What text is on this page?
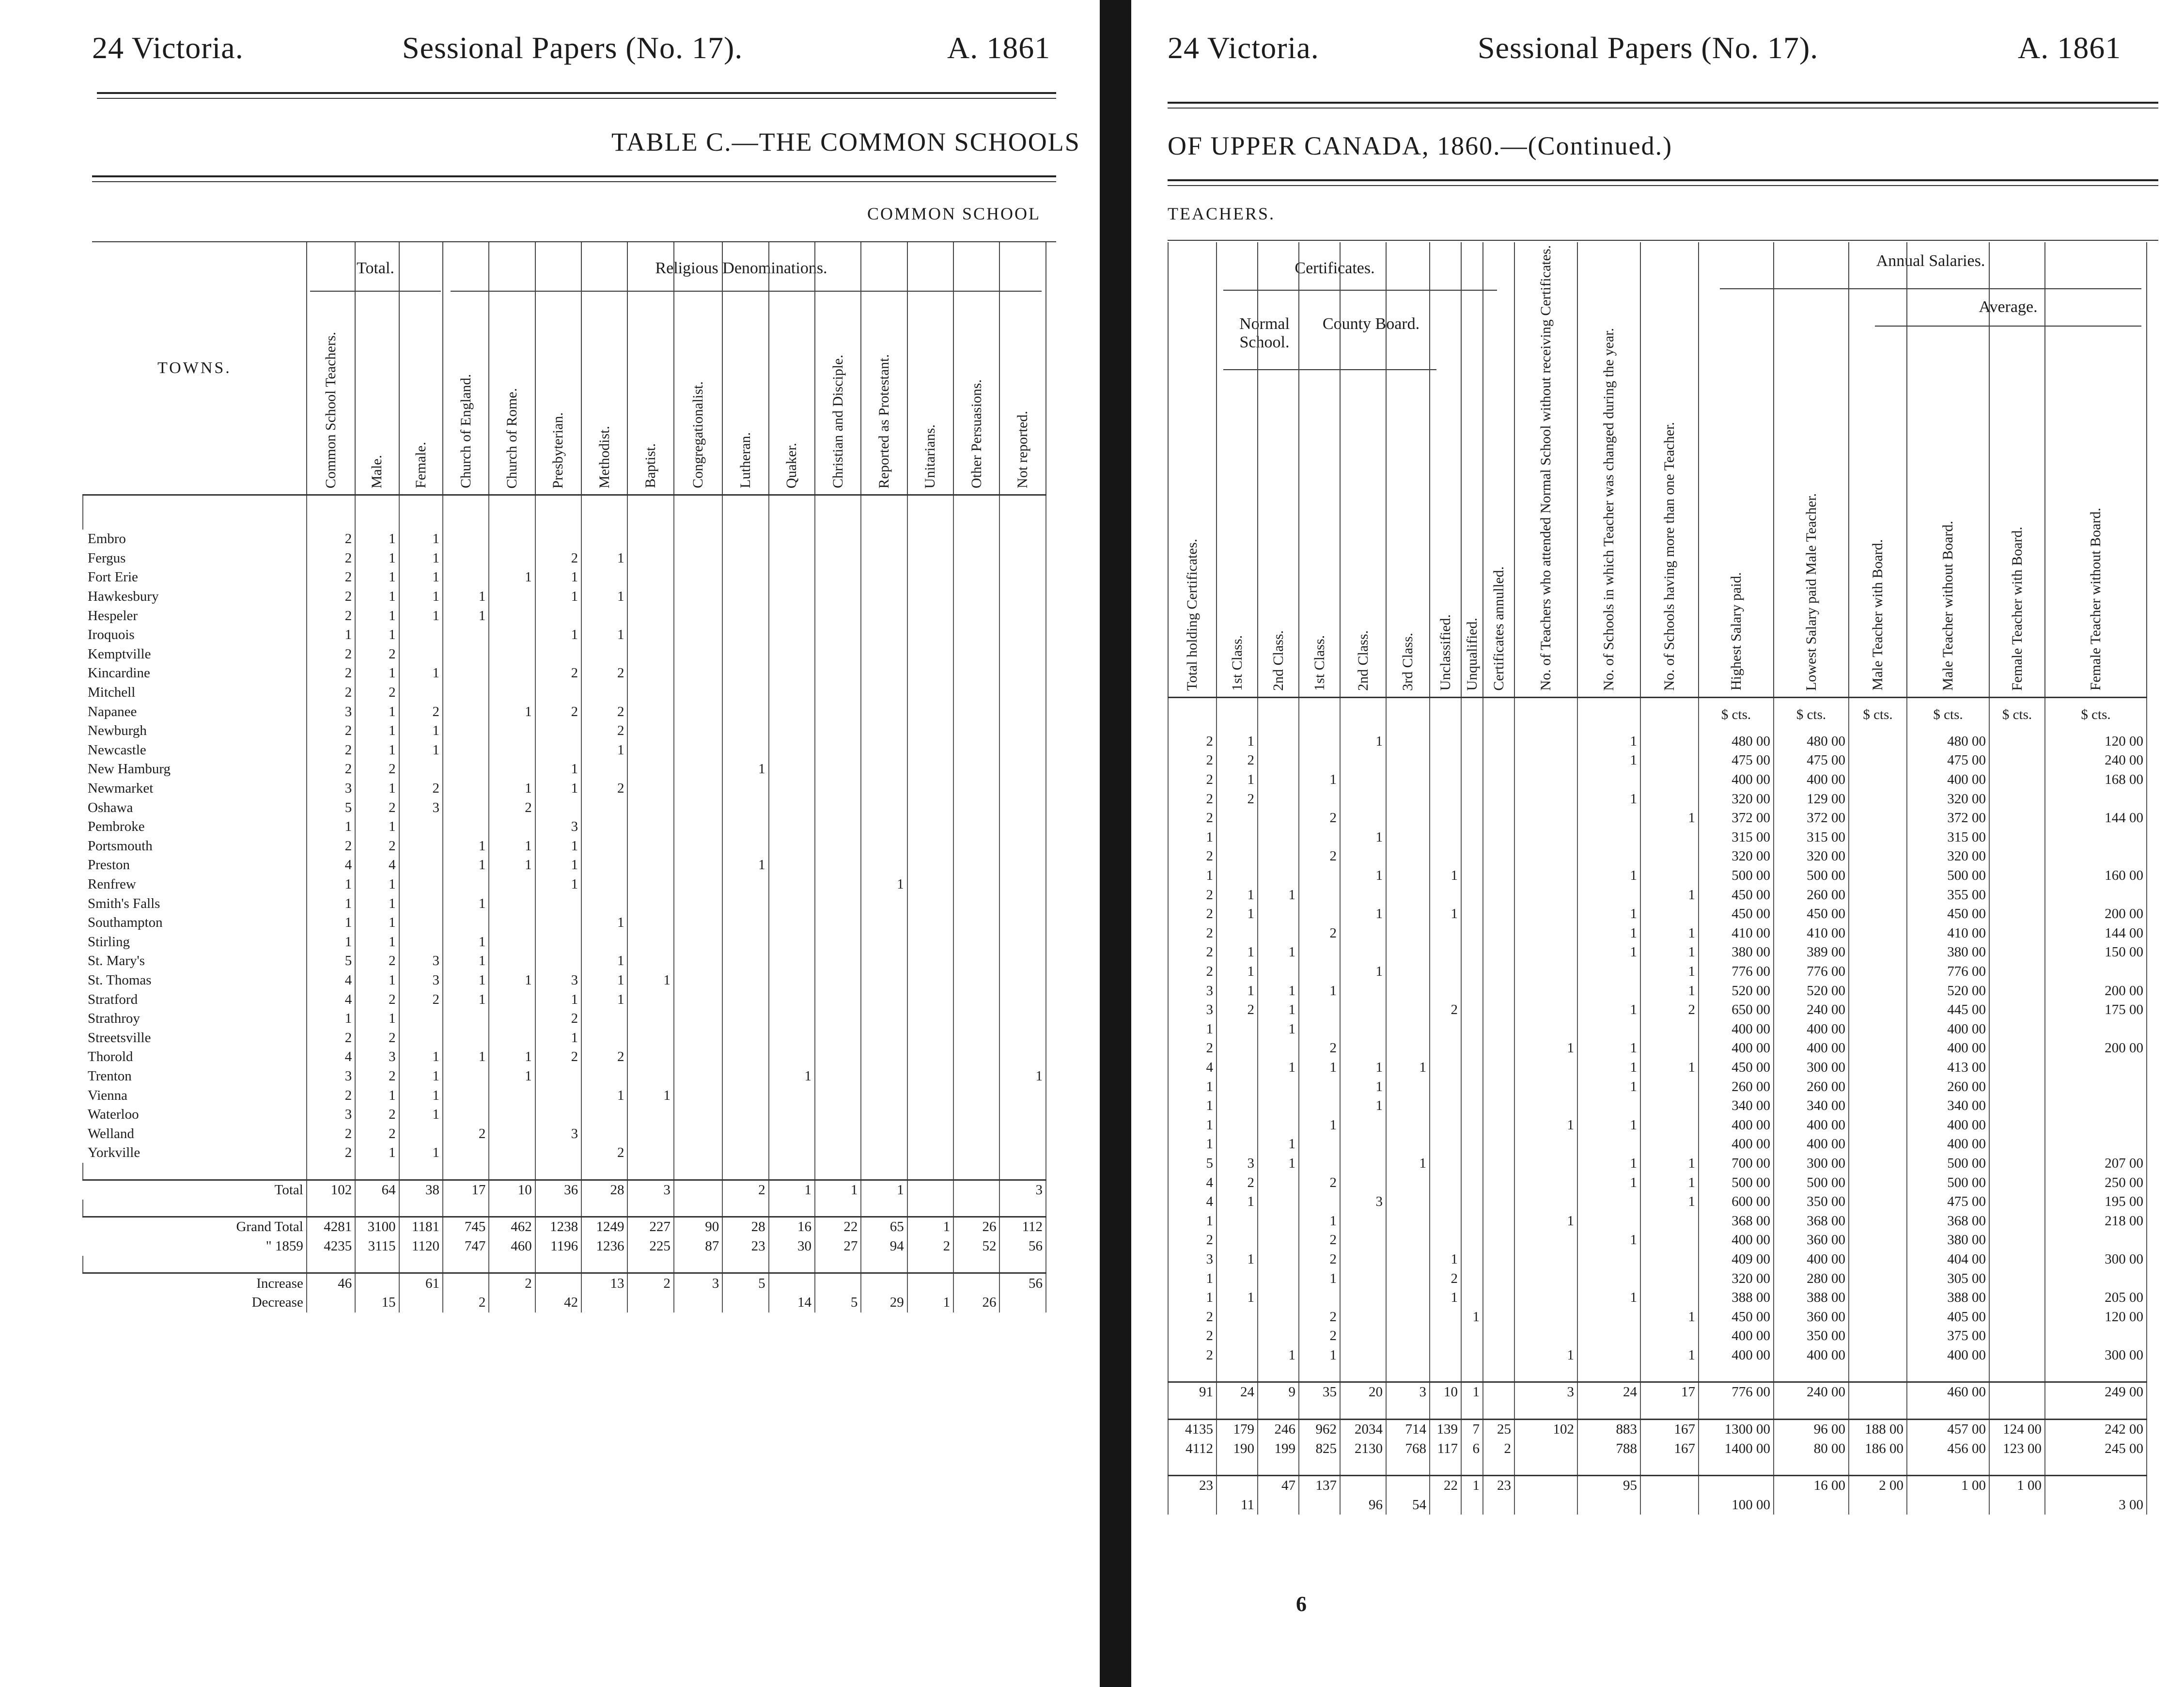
24 Victoria.	Sessional Papers (No. 17).	A. 1861
TABLE C.—THE COMMON SCHOOLS
COMMON SCHOOL
Total.	Religious Denominations.
TOWNS.	Common School Teachers.	Male.	Female.	Church of England.	Church of Rome.	Presbyterian.	Methodist.	Baptist.	Congregationalist.	Lutheran.	Quaker.	Christian and Disciple.	Reported as Protestant.	Unitarians.	Other Persuasions.	Not reported.

Embro	2	1	1													
Fergus	2	1	1			2	1									
Fort Erie	2	1	1		1	1										
Hawkesbury	2	1	1	1		1	1									
Hespeler	2	1	1	1												
Iroquois	1	1				1	1									
Kemptville	2	2														
Kincardine	2	1	1			2	2									
Mitchell	2	2														
Napanee	3	1	2		1	2	2									
Newburgh	2	1	1				2									
Newcastle	2	1	1				1									
New Hamburg	2	2				1				1						
Newmarket	3	1	2		1	1	2									
Oshawa	5	2	3		2											
Pembroke	1	1				3										
Portsmouth	2	2		1	1	1										
Preston	4	4		1	1	1				1						
Renfrew	1	1				1							1			
Smith's Falls	1	1		1												
Southampton	1	1					1									
Stirling	1	1		1												
St. Mary's	5	2	3	1			1									
St. Thomas	4	1	3	1	1	3	1	1								
Stratford	4	2	2	1		1	1									
Strathroy	1	1				2										
Streetsville	2	2				1										
Thorold	4	3	1	1	1	2	2									
Trenton	3	2	1		1						1					1
Vienna	2	1	1				1	1								
Waterloo	3	2	1													
Welland	2	2		2		3										
Yorkville	2	1	1				2									

Total	102	64	38	17	10	36	28	3		2	1	1	1			3

Grand Total	4281	3100	1181	745	462	1238	1249	227	90	28	16	22	65	1	26	112
" 1859	4235	3115	1120	747	460	1196	1236	225	87	23	30	27	94	2	52	56

Increase	46		61		2		13	2	3	5						56
Decrease		15		2		42					14	5	29	1	26	
24 Victoria.	Sessional Papers (No. 17).	A. 1861
OF UPPER CANADA, 1860.—(Continued.)
TEACHERS.
Certificates.
Normal School.
County Board.
Annual Salaries.
Average.
Total holding Certificates.	1st Class.	2nd Class.	1st Class.	2nd Class.	3rd Class.	Unclassified.	Unqualified.	Certificates annulled.	No. of Teachers who attended Normal School without receiving Certificates.	No. of Schools in which Teacher was changed during the year.	No. of Schools having more than one Teacher.	Highest Salary paid.	Lowest Salary paid Male Teacher.	Male Teacher with Board.	Male Teacher without Board.	Female Teacher with Board.	Female Teacher without Board.
												$ cts.	$ cts.	$ cts.	$ cts.	$ cts.	$ cts.
2	1			1						1		480 00	480 00		480 00		120 00
2	2									1		475 00	475 00		475 00		240 00
2	1		1									400 00	400 00		400 00		168 00
2	2									1		320 00	129 00		320 00		
2			2								1	372 00	372 00		372 00		144 00
1				1								315 00	315 00		315 00		
2			2									320 00	320 00		320 00		
1				1		1				1		500 00	500 00		500 00		160 00
2	1	1									1	450 00	260 00		355 00		
2	1			1		1				1		450 00	450 00		450 00		200 00
2			2							1	1	410 00	410 00		410 00		144 00
2	1	1								1	1	380 00	389 00		380 00		150 00
2	1			1							1	776 00	776 00		776 00		
3	1	1	1								1	520 00	520 00		520 00		200 00
3	2	1				2				1	2	650 00	240 00		445 00		175 00
1		1										400 00	400 00		400 00		
2			2						1	1		400 00	400 00		400 00		200 00
4		1	1	1	1					1	1	450 00	300 00		413 00		
1				1						1		260 00	260 00		260 00		
1				1								340 00	340 00		340 00		
1			1						1	1		400 00	400 00		400 00		
1		1										400 00	400 00		400 00		
5	3	1			1					1	1	700 00	300 00		500 00		207 00
4	2		2							1	1	500 00	500 00		500 00		250 00
4	1			3							1	600 00	350 00		475 00		195 00
1			1						1			368 00	368 00		368 00		218 00
2			2							1		400 00	360 00		380 00		
3	1		2			1						409 00	400 00		404 00		300 00
1			1			2						320 00	280 00		305 00		
1	1					1				1		388 00	388 00		388 00		205 00
2			2				1				1	450 00	360 00		405 00		120 00
2			2									400 00	350 00		375 00		
2		1	1						1		1	400 00	400 00		400 00		300 00

91	24	9	35	20	3	10	1		3	24	17	776 00	240 00		460 00		249 00

4135	179	246	962	2034	714	139	7	25	102	883	167	1300 00	96 00	188 00	457 00	124 00	242 00
4112	190	199	825	2130	768	117	6	2		788	167	1400 00	80 00	186 00	456 00	123 00	245 00

23		47	137			22	1	23		95			16 00	2 00	1 00	1 00	
	11			96	54							100 00					3 00
6
